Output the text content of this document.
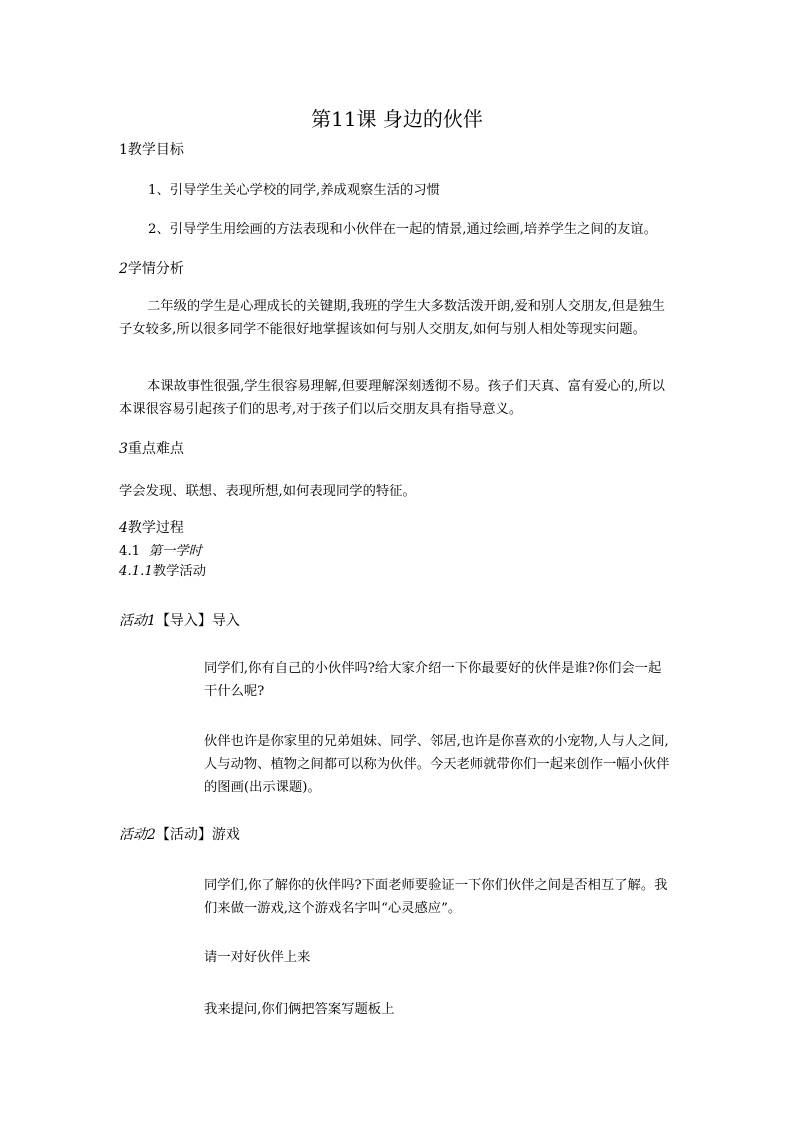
第11课 身边的伙伴
1教学目标
1、引导学生关心学校的同学,养成观察生活的习惯
2、引导学生用绘画的方法表现和小伙伴在一起的情景,通过绘画,培养学生之间的友谊。
2学情分析
二年级的学生是心理成长的关键期,我班的学生大多数活泼开朗,爱和别人交朋友,但是独生子女较多,所以很多同学不能很好地掌握该如何与别人交朋友,如何与别人相处等现实问题。
本课故事性很强,学生很容易理解,但要理解深刻透彻不易。孩子们天真、富有爱心的,所以本课很容易引起孩子们的思考,对于孩子们以后交朋友具有指导意义。
3重点难点
学会发现、联想、表现所想,如何表现同学的特征。
4教学过程
4.1 第一学时
4.1.1教学活动
活动1【导入】导入
同学们,你有自己的小伙伴吗?给大家介绍一下你最要好的伙伴是谁?你们会一起干什么呢?
伙伴也许是你家里的兄弟姐妹、同学、邻居,也许是你喜欢的小宠物,人与人之间,人与动物、植物之间都可以称为伙伴。今天老师就带你们一起来创作一幅小伙伴的图画(出示课题)。
活动2【活动】游戏
同学们,你了解你的伙伴吗?下面老师要验证一下你们伙伴之间是否相互了解。我们来做一游戏,这个游戏名字叫“心灵感应”。
请一对好伙伴上来
我来提问,你们俩把答案写题板上
